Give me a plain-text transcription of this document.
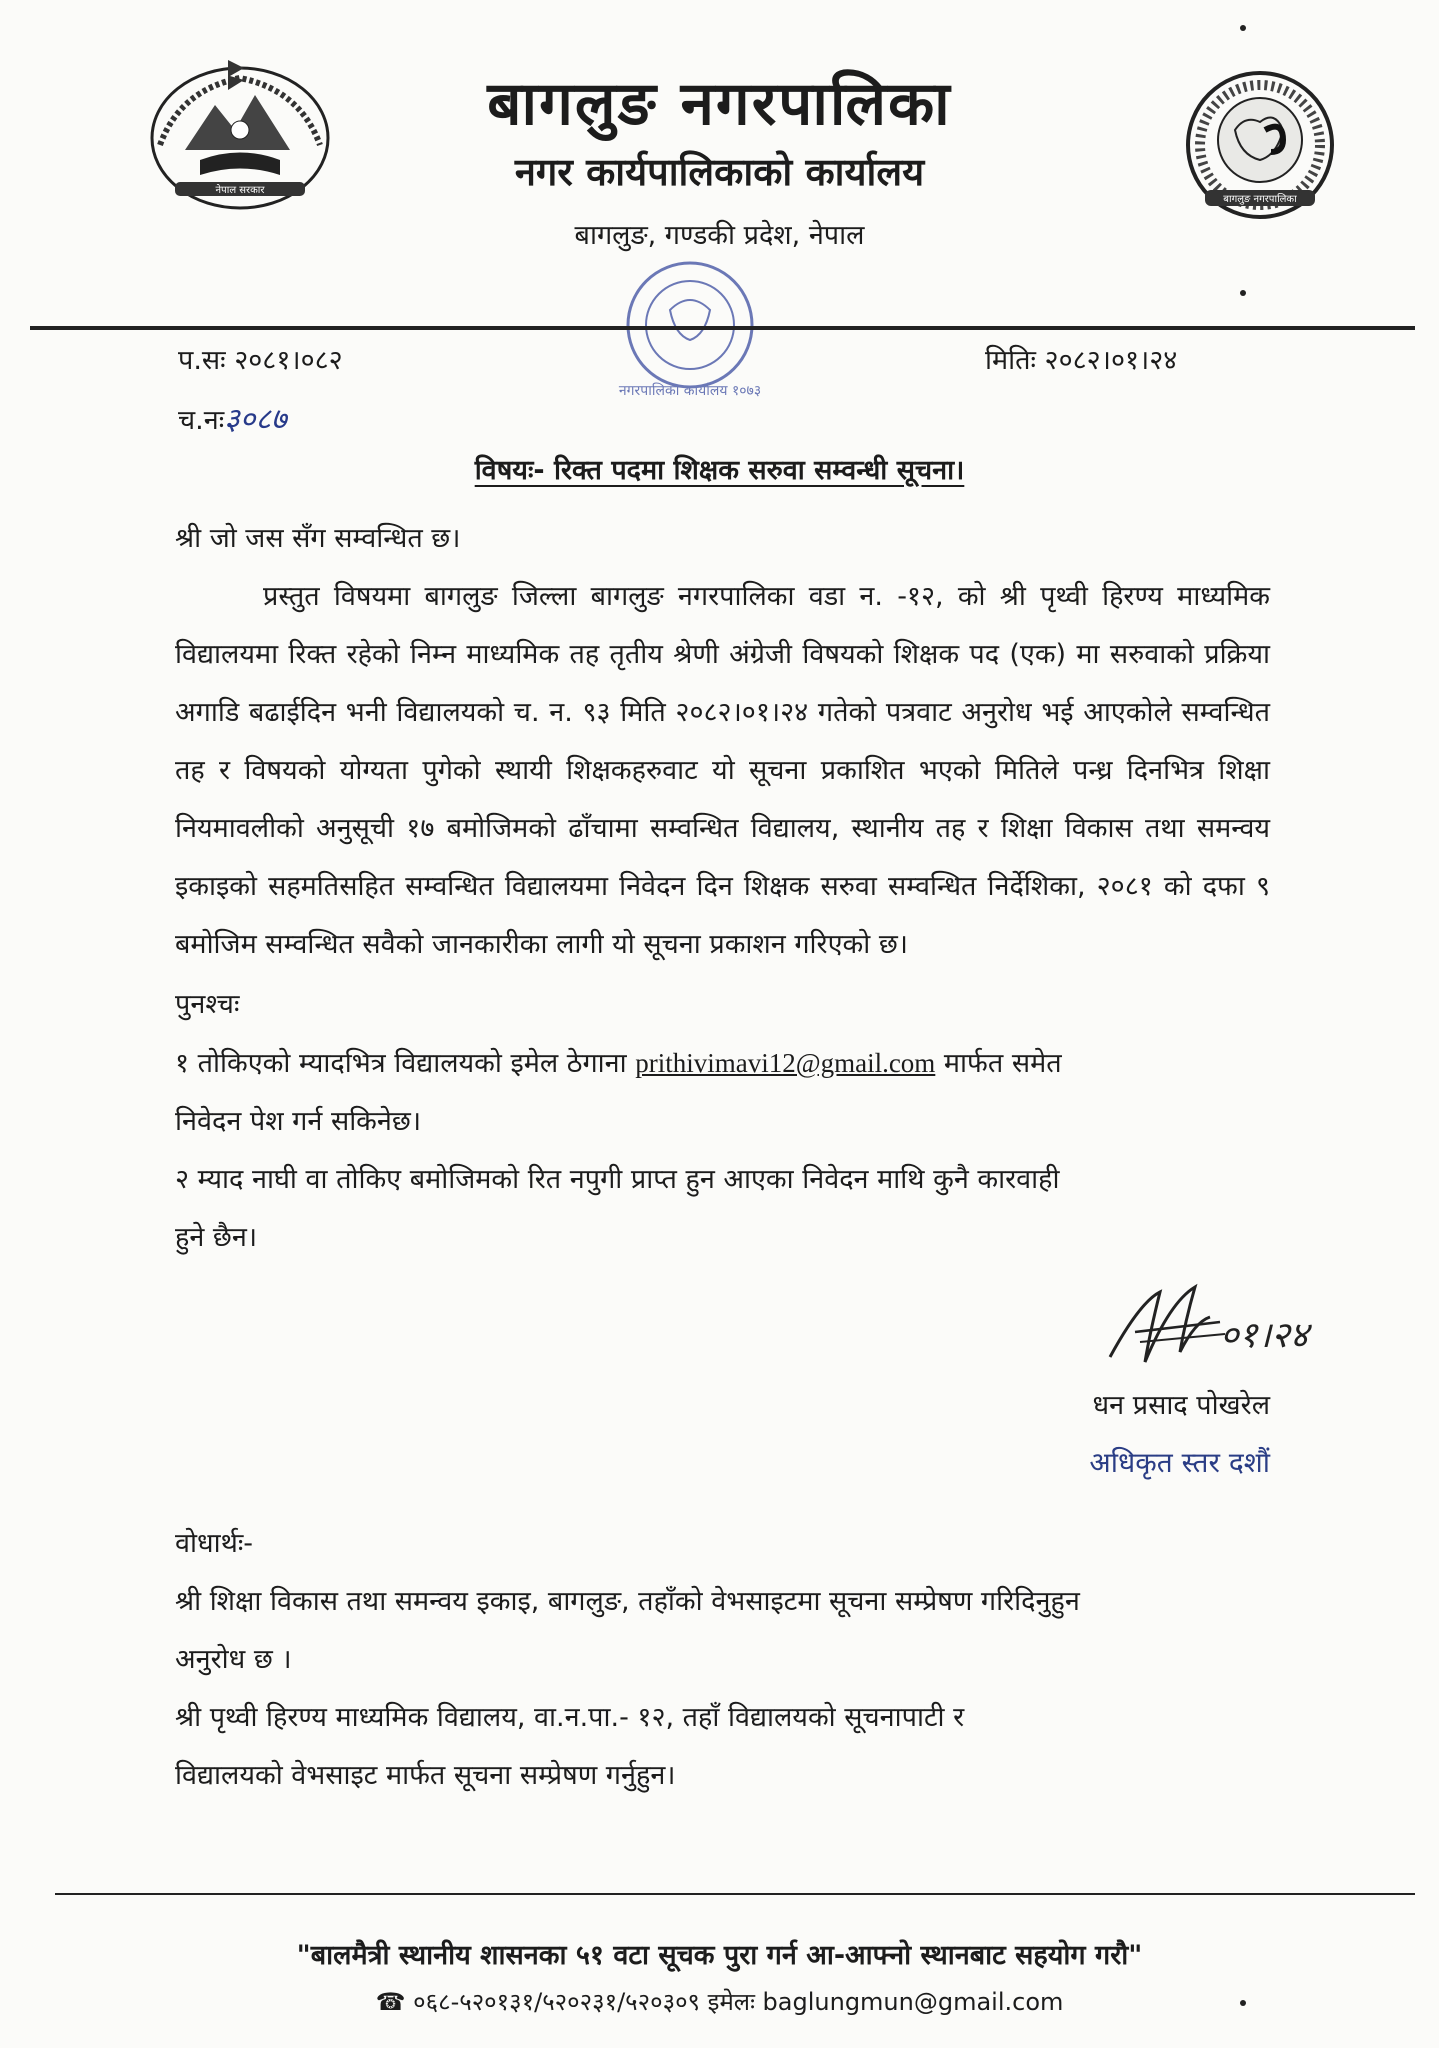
नेपाल सरकार
बागलुङ नगरपालिका
बागलुङ नगरपालिका
नगर कार्यपालिकाको कार्यालय
बागलुङ, गण्डकी प्रदेश, नेपाल
नगरपालिका कार्यालय १०७३
प.सः २०८१।०८२
च.नः३०८७
मितिः २०८२।०१।२४
विषयः- रिक्त पदमा शिक्षक सरुवा सम्वन्धी सूचना।

श्री जो जस सँग सम्वन्धित छ।

प्रस्तुत विषयमा बागलुङ जिल्ला बागलुङ नगरपालिका वडा न. -१२, को श्री पृथ्वी हिरण्य माध्यमिक विद्यालयमा रिक्त रहेको निम्न माध्यमिक तह तृतीय श्रेणी अंग्रेजी विषयको शिक्षक पद (एक) मा सरुवाको प्रक्रिया अगाडि बढाईदिन भनी विद्यालयको च. न. ९३ मिति २०८२।०१।२४ गतेको पत्रवाट अनुरोध भई आएकोले सम्वन्धित तह र विषयको योग्यता पुगेको स्थायी शिक्षकहरुवाट यो सूचना प्रकाशित भएको मितिले पन्ध्र दिनभित्र शिक्षा नियमावलीको अनुसूची १७ बमोजिमको ढाँचामा सम्वन्धित विद्यालय, स्थानीय तह र शिक्षा विकास तथा समन्वय इकाइको सहमतिसहित सम्वन्धित विद्यालयमा निवेदन दिन शिक्षक सरुवा सम्वन्धित निर्देशिका, २०८१ को दफा ९ बमोजिम सम्वन्धित सवैको जानकारीका लागी यो सूचना प्रकाशन गरिएको छ।

पुनश्चः

१ तोकिएको म्यादभित्र विद्यालयको इमेल ठेगाना prithivimavi12@gmail.com मार्फत समेत

निवेदन पेश गर्न सकिनेछ।

२ म्याद नाघी वा तोकिए बमोजिमको रित नपुगी प्राप्त हुन आएका निवेदन माथि कुनै कारवाही

हुने छैन।

०१।२४
धन प्रसाद पोखरेल
अधिकृत स्तर दशौं

वोधार्थः-

श्री शिक्षा विकास तथा समन्वय इकाइ, बागलुङ, तहाँको वेभसाइटमा सूचना सम्प्रेषण गरिदिनुहुन

अनुरोध छ ।

श्री पृथ्वी हिरण्य माध्यमिक विद्यालय, वा.न.पा.- १२, तहाँ विद्यालयको सूचनापाटी र

विद्यालयको वेभसाइट मार्फत सूचना सम्प्रेषण गर्नुहुन।

"बालमैत्री स्थानीय शासनका ५१ वटा सूचक पुरा गर्न आ-आफ्नो स्थानबाट सहयोग गरौ"
☎ ०६८-५२०१३१/५२०२३१/५२०३०९ इमेलः baglungmun@gmail.com
